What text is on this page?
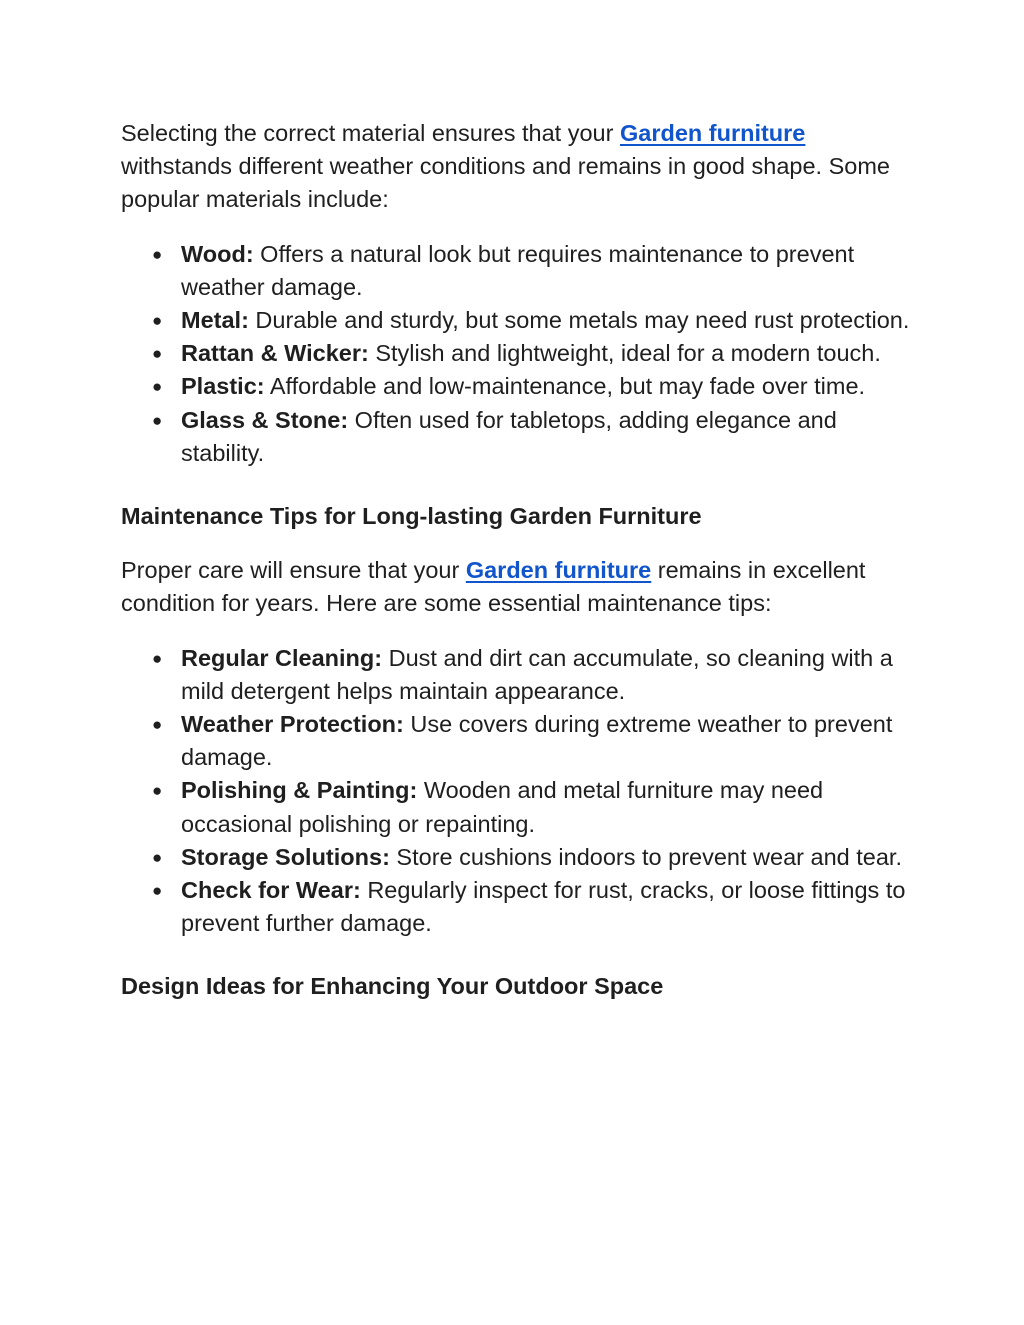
Selecting the correct material ensures that your Garden furniture withstands different weather conditions and remains in good shape. Some popular materials include:

● Wood: Offers a natural look but requires maintenance to prevent weather damage.
● Metal: Durable and sturdy, but some metals may need rust protection.
● Rattan & Wicker: Stylish and lightweight, ideal for a modern touch.
● Plastic: Affordable and low-maintenance, but may fade over time.
● Glass & Stone: Often used for tabletops, adding elegance and stability.
Maintenance Tips for Long-lasting Garden Furniture

Proper care will ensure that your Garden furniture remains in excellent condition for years. Here are some essential maintenance tips:

● Regular Cleaning: Dust and dirt can accumulate, so cleaning with a mild detergent helps maintain appearance.
● Weather Protection: Use covers during extreme weather to prevent damage.
● Polishing & Painting: Wooden and metal furniture may need occasional polishing or repainting.
● Storage Solutions: Store cushions indoors to prevent wear and tear.
● Check for Wear: Regularly inspect for rust, cracks, or loose fittings to prevent further damage.
Design Ideas for Enhancing Your Outdoor Space
